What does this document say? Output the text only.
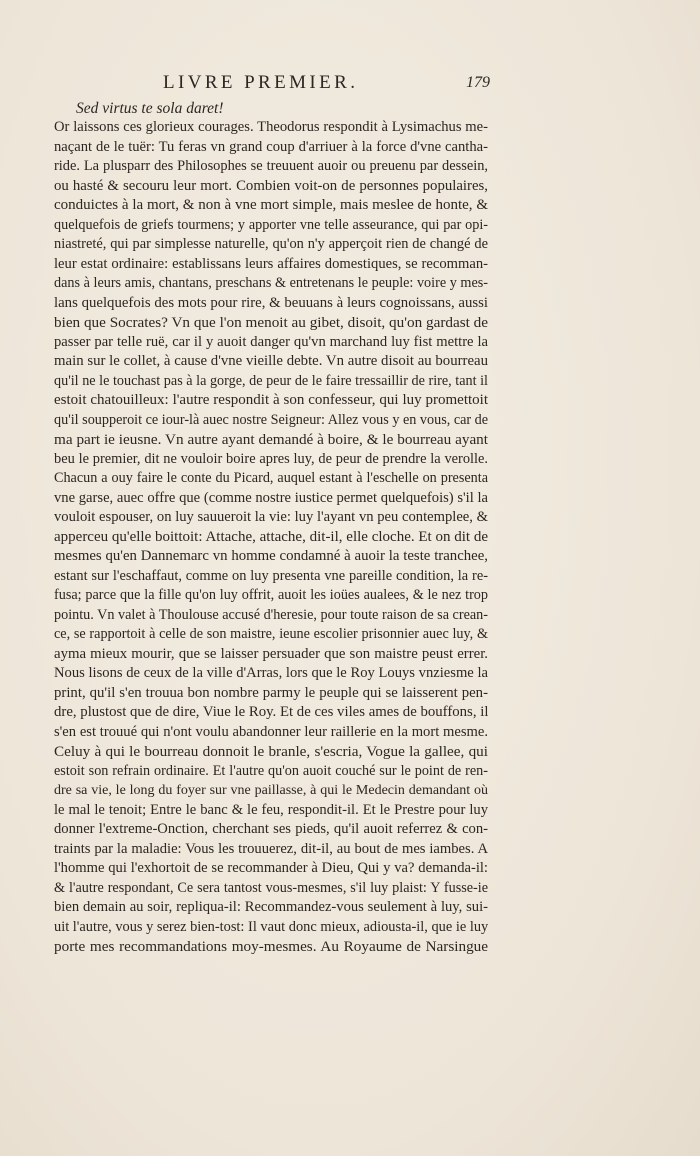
LIVRE PREMIER.	179
Sed virtus te sola daret!
Or laissons ces glorieux courages. Theodorus respondit à Lysimachus me-
naçant de le tuër: Tu feras vn grand coup d'arriuer à la force d'vne cantha-
ride. La plusparr des Philosophes se treuuent auoir ou preuenu par dessein,
ou hasté & secouru leur mort. Combien voit-on de personnes populaires,
conduictes à la mort, & non à vne mort simple, mais meslee de honte, &
quelquefois de griefs tourmens; y apporter vne telle asseurance, qui par opi-
niastreté, qui par simplesse naturelle, qu'on n'y apperçoit rien de changé de
leur estat ordinaire: establissans leurs affaires domestiques, se recomman-
dans à leurs amis, chantans, preschans & entretenans le peuple: voire y mes-
lans quelquefois des mots pour rire, & beuuans à leurs cognoissans, aussi
bien que Socrates? Vn que l'on menoit au gibet, disoit, qu'on gardast de
passer par telle ruë, car il y auoit danger qu'vn marchand luy fist mettre la
main sur le collet, à cause d'vne vieille debte. Vn autre disoit au bourreau
qu'il ne le touchast pas à la gorge, de peur de le faire tressaillir de rire, tant il
estoit chatouilleux: l'autre respondit à son confesseur, qui luy promettoit
qu'il soupperoit ce iour-là auec nostre Seigneur: Allez vous y en vous, car de
ma part ie ieusne. Vn autre ayant demandé à boire, & le bourreau ayant
beu le premier, dit ne vouloir boire apres luy, de peur de prendre la verolle.
Chacun a ouy faire le conte du Picard, auquel estant à l'eschelle on presenta
vne garse, auec offre que (comme nostre iustice permet quelquefois) s'il la
vouloit espouser, on luy sauueroit la vie: luy l'ayant vn peu contemplee, &
apperceu qu'elle boittoit: Attache, attache, dit-il, elle cloche. Et on dit de
mesmes qu'en Dannemarc vn homme condamné à auoir la teste tranchee,
estant sur l'eschaffaut, comme on luy presenta vne pareille condition, la re-
fusa; parce que la fille qu'on luy offrit, auoit les ioües aualees, & le nez trop
pointu. Vn valet à Thoulouse accusé d'heresie, pour toute raison de sa crean-
ce, se rapportoit à celle de son maistre, ieune escolier prisonnier auec luy, &
ayma mieux mourir, que se laisser persuader que son maistre peust errer.
Nous lisons de ceux de la ville d'Arras, lors que le Roy Louys vnziesme la
print, qu'il s'en trouua bon nombre parmy le peuple qui se laisserent pen-
dre, plustost que de dire, Viue le Roy. Et de ces viles ames de bouffons, il
s'en est trouué qui n'ont voulu abandonner leur raillerie en la mort mesme.
Celuy à qui le bourreau donnoit le branle, s'escria, Vogue la gallee, qui
estoit son refrain ordinaire. Et l'autre qu'on auoit couché sur le point de ren-
dre sa vie, le long du foyer sur vne paillasse, à qui le Medecin demandant où
le mal le tenoit; Entre le banc & le feu, respondit-il. Et le Prestre pour luy
donner l'extreme-Onction, cherchant ses pieds, qu'il auoit referrez & con-
traints par la maladie: Vous les trouuerez, dit-il, au bout de mes iambes. A
l'homme qui l'exhortoit de se recommander à Dieu, Qui y va? demanda-il:
& l'autre respondant, Ce sera tantost vous-mesmes, s'il luy plaist: Y fusse-ie
bien demain au soir, repliqua-il: Recommandez-vous seulement à luy, sui-
uit l'autre, vous y serez bien-tost: Il vaut donc mieux, adiousta-il, que ie luy
porte mes recommandations moy-mesmes. Au Royaume de Narsingue
